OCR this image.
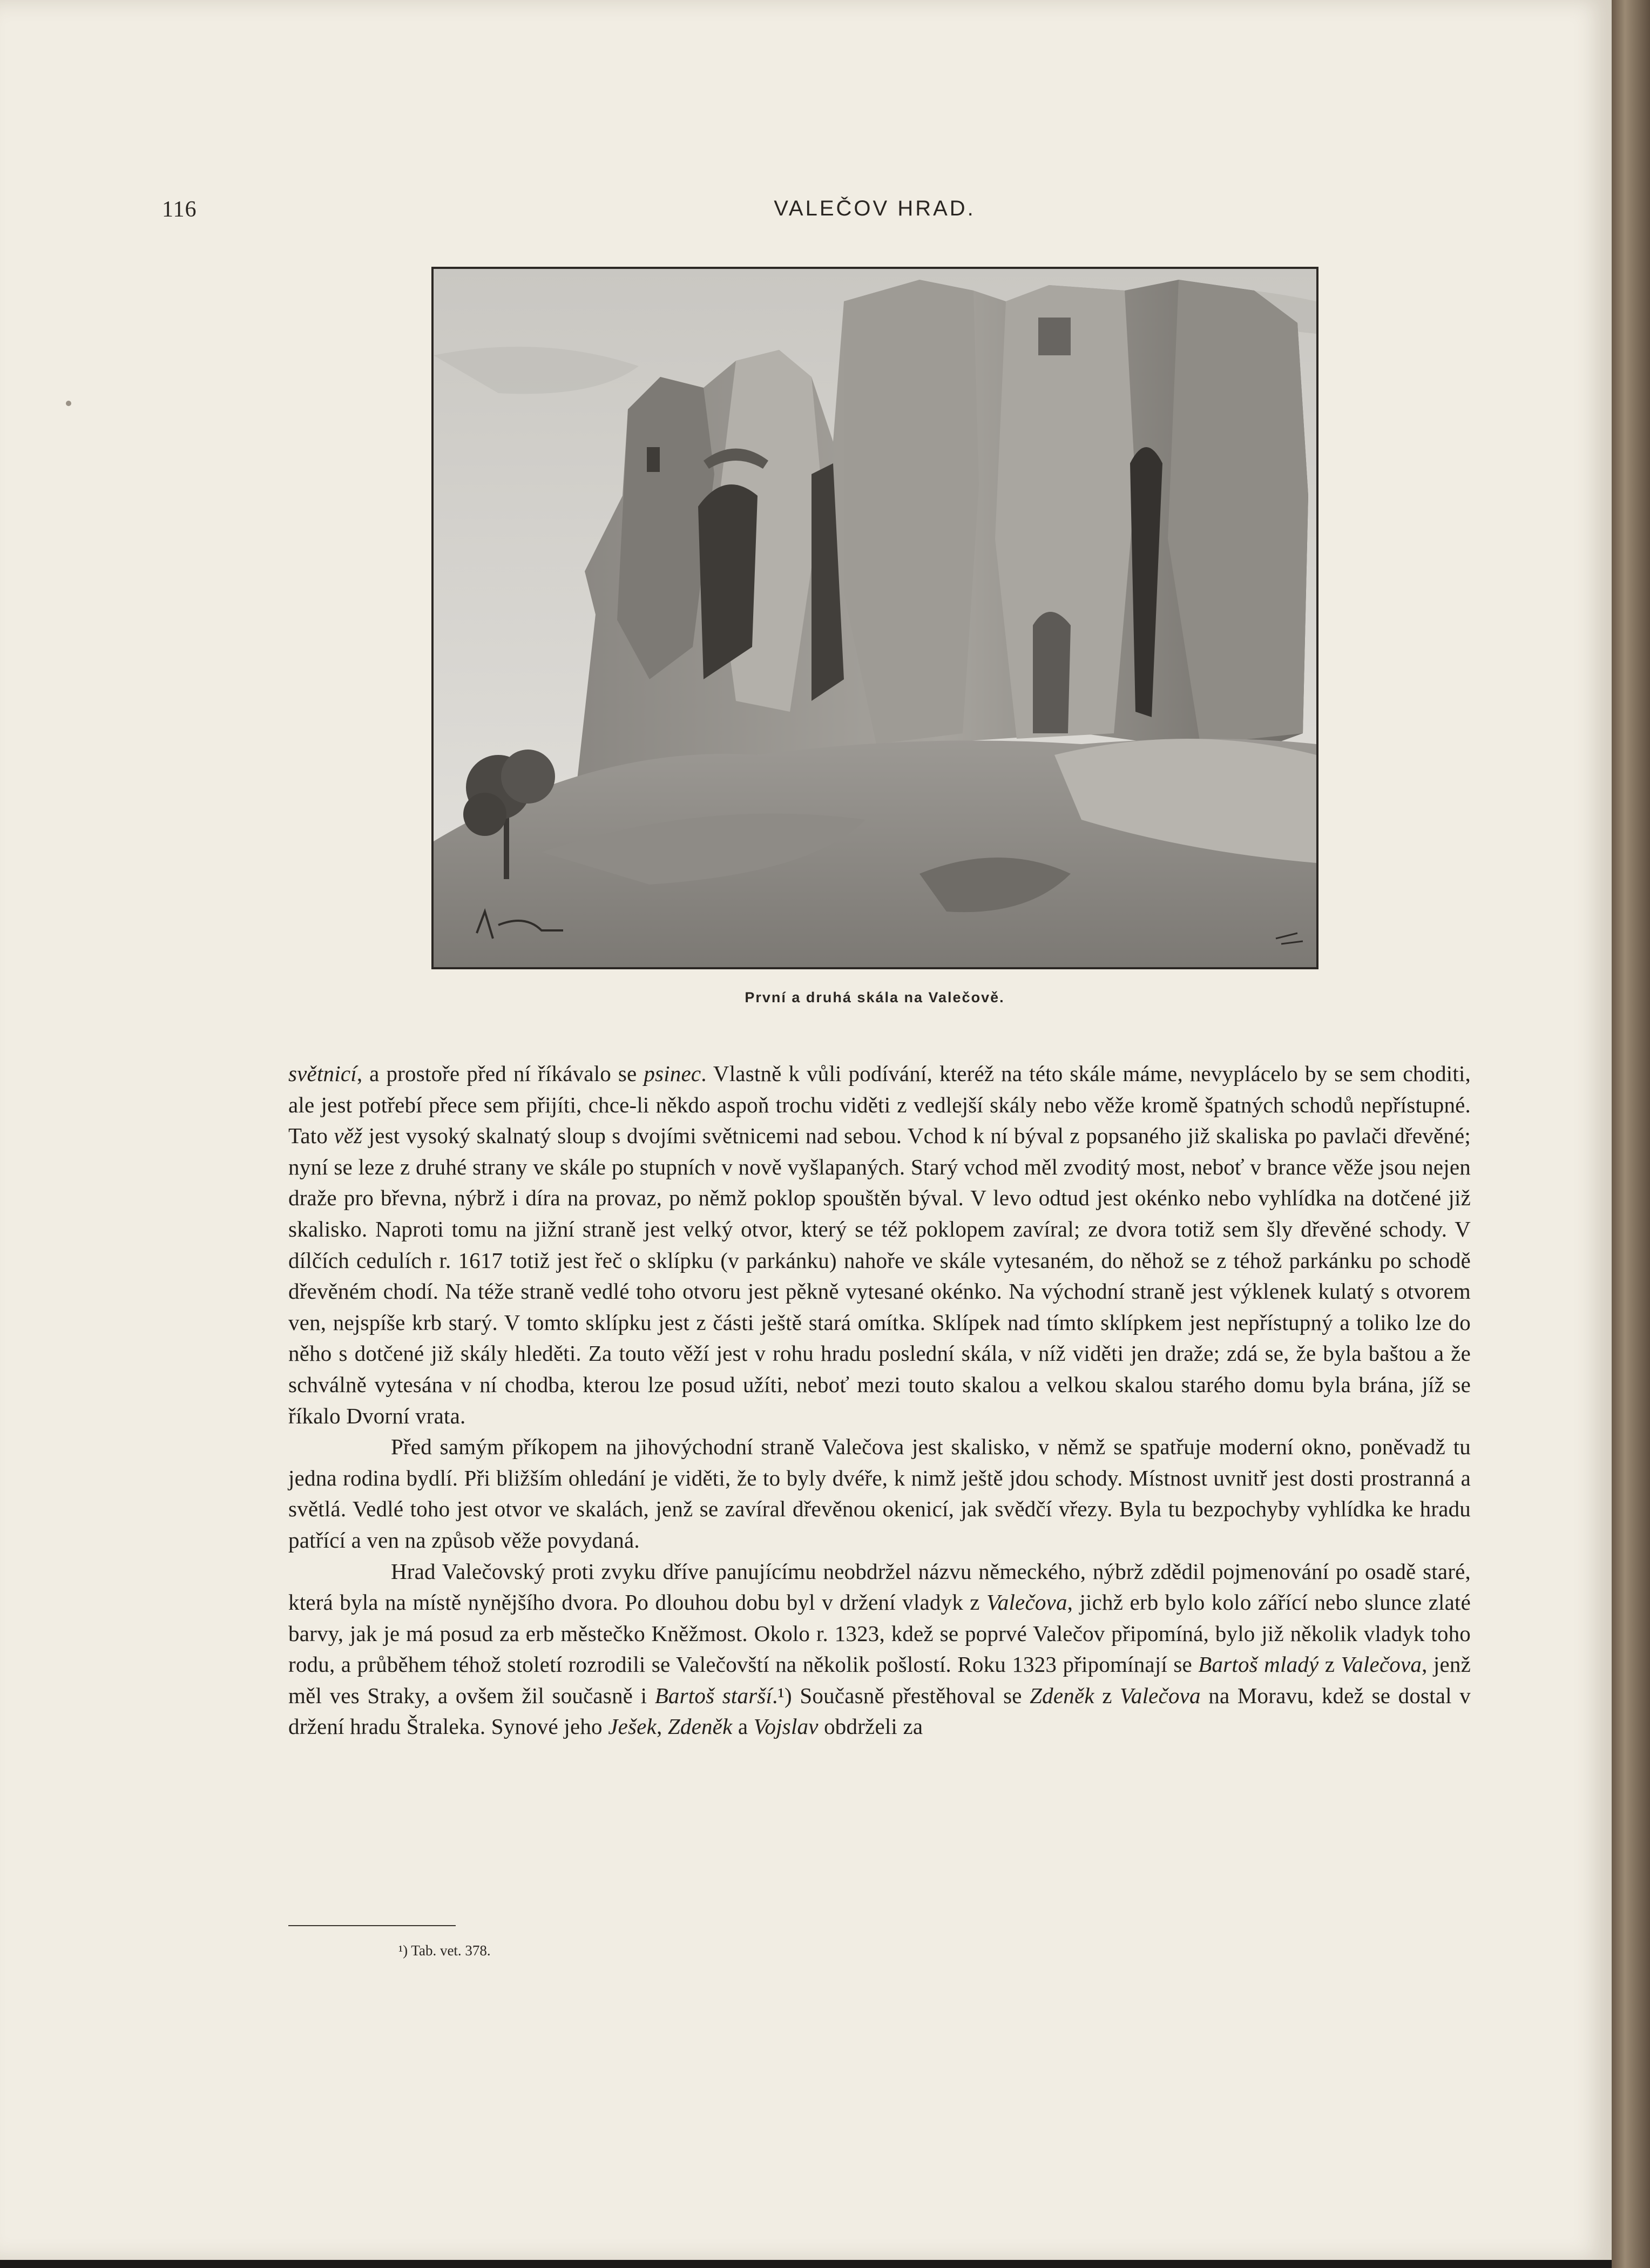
116	VALEČOV HRAD.
První a druhá skála na Valečově.

světnicí, a prostoře před ní říkávalo se psinec. Vlastně k vůli podívání, kteréž na této skále máme, nevyplácelo by se sem choditi, ale jest potřebí přece sem přijíti, chce-li někdo aspoň trochu viděti z vedlejší skály nebo věže kromě špatných schodů nepřístupné. Tato věž jest vysoký skalnatý sloup s dvojími světnicemi nad sebou. Vchod k ní býval z popsaného již skaliska po pavlači dřevěné; nyní se leze z druhé strany ve skále po stupních v nově vyšlapaných. Starý vchod měl zvoditý most, neboť v brance věže jsou nejen draže pro břevna, nýbrž i díra na provaz, po němž poklop spouštěn býval. V levo odtud jest okénko nebo vyhlídka na dotčené již skalisko. Naproti tomu na jižní straně jest velký otvor, který se též poklopem zavíral; ze dvora totiž sem šly dřevěné schody. V dílčích cedulích r. 1617 totiž jest řeč o sklípku (v parkánku) nahoře ve skále vytesaném, do něhož se z téhož parkánku po schodě dřevěném chodí. Na téže straně vedlé toho otvoru jest pěkně vytesané okénko. Na východní straně jest výklenek kulatý s otvorem ven, nejspíše krb starý. V tomto sklípku jest z části ještě stará omítka. Sklípek nad tímto sklípkem jest nepřístupný a toliko lze do něho s dotčené již skály hleděti. Za touto věží jest v rohu hradu poslední skála, v níž viděti jen draže; zdá se, že byla baštou a že schválně vytesána v ní chodba, kterou lze posud užíti, neboť mezi touto skalou a velkou skalou starého domu byla brána, jíž se říkalo Dvorní vrata.

Před samým příkopem na jihovýchodní straně Valečova jest skalisko, v němž se spatřuje moderní okno, poněvadž tu jedna rodina bydlí. Při bližším ohledání je viděti, že to byly dvéře, k nimž ještě jdou schody. Místnost uvnitř jest dosti prostranná a světlá. Vedlé toho jest otvor ve skalách, jenž se zavíral dřevěnou okenicí, jak svědčí vřezy. Byla tu bezpochyby vyhlídka ke hradu patřící a ven na způsob věže povydaná.

Hrad Valečovský proti zvyku dříve panujícímu neobdržel názvu německého, nýbrž zdědil pojmenování po osadě staré, která byla na místě nynějšího dvora. Po dlouhou dobu byl v držení vladyk z Valečova, jichž erb bylo kolo zářící nebo slunce zlaté barvy, jak je má posud za erb městečko Kněžmost. Okolo r. 1323, kdež se poprvé Valečov připomíná, bylo již několik vladyk toho rodu, a průběhem téhož století rozrodili se Valečovští na několik pošlostí. Roku 1323 připomínají se Bartoš mladý z Valečova, jenž měl ves Straky, a ovšem žil současně i Bartoš starší.¹) Současně přestěhoval se Zdeněk z Valečova na Moravu, kdež se dostal v držení hradu Štraleka. Synové jeho Ješek, Zdeněk a Vojslav obdrželi za

¹) Tab. vet. 378.
